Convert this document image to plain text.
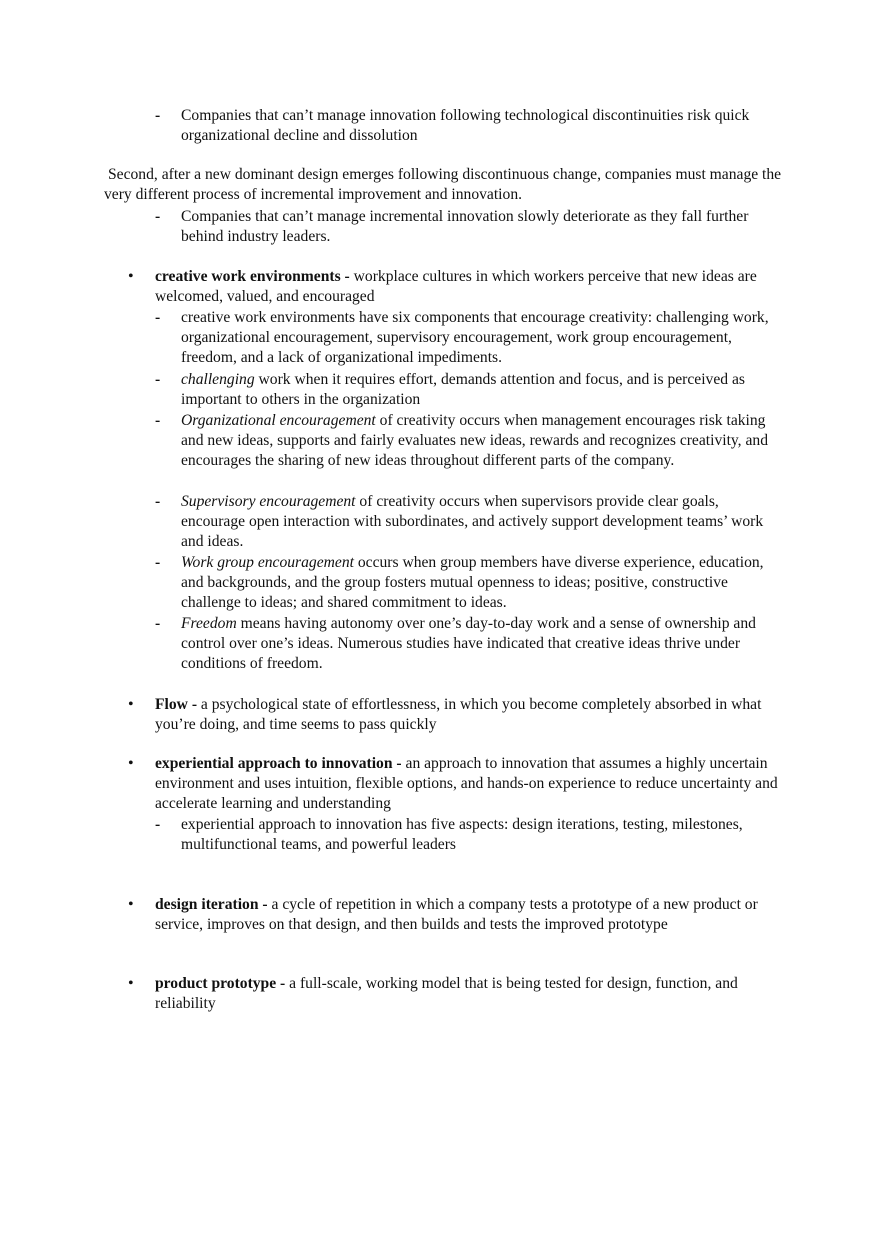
- Companies that can’t manage innovation following technological discontinuities risk quick organizational decline and dissolution
Second, after a new dominant design emerges following discontinuous change, companies must manage the very different process of incremental improvement and innovation.
- Companies that can’t manage incremental innovation slowly deteriorate as they fall further behind industry leaders.
• creative work environments - workplace cultures in which workers perceive that new ideas are welcomed, valued, and encouraged
- creative work environments have six components that encourage creativity: challenging work, organizational encouragement, supervisory encouragement, work group encouragement, freedom, and a lack of organizational impediments.
- challenging work when it requires effort, demands attention and focus, and is perceived as important to others in the organization
- Organizational encouragement of creativity occurs when management encourages risk taking and new ideas, supports and fairly evaluates new ideas, rewards and recognizes creativity, and encourages the sharing of new ideas throughout different parts of the company.
- Supervisory encouragement of creativity occurs when supervisors provide clear goals, encourage open interaction with subordinates, and actively support development teams’ work and ideas.
- Work group encouragement occurs when group members have diverse experience, education, and backgrounds, and the group fosters mutual openness to ideas; positive, constructive challenge to ideas; and shared commitment to ideas.
- Freedom means having autonomy over one’s day-to-day work and a sense of ownership and control over one’s ideas. Numerous studies have indicated that creative ideas thrive under conditions of freedom.
• Flow - a psychological state of effortlessness, in which you become completely absorbed in what you’re doing, and time seems to pass quickly
• experiential approach to innovation - an approach to innovation that assumes a highly uncertain environment and uses intuition, flexible options, and hands-on experience to reduce uncertainty and accelerate learning and understanding
- experiential approach to innovation has five aspects: design iterations, testing, milestones, multifunctional teams, and powerful leaders
• design iteration - a cycle of repetition in which a company tests a prototype of a new product or service, improves on that design, and then builds and tests the improved prototype
• product prototype - a full-scale, working model that is being tested for design, function, and reliability
